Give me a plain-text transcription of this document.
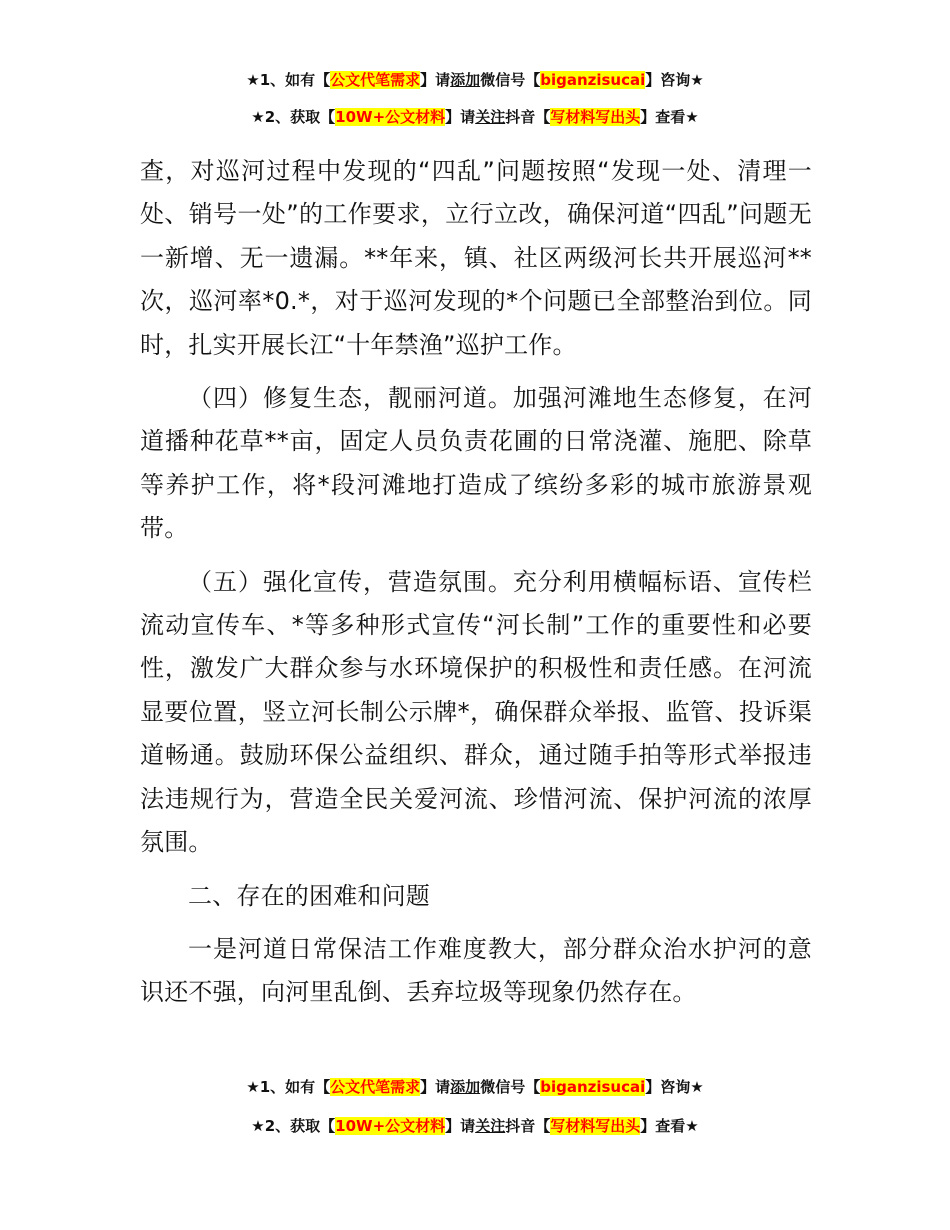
★1、如有【公文代笔需求】请添加微信号【biganzisucai】咨询★
★2、获取【10W+公文材料】请关注抖音【写材料写出头】查看★

查，对巡河过程中发现的“四乱”问题按照“发现一处、清理一处、销号一处”的工作要求，立行立改，确保河道“四乱”问题无一新增、无一遗漏。**年来，镇、社区两级河长共开展巡河**次，巡河率*0.*，对于巡河发现的*个问题已全部整治到位。同时，扎实开展长江“十年禁渔”巡护工作。

（四）修复生态，靓丽河道。加强河滩地生态修复，在河道播种花草**亩，固定人员负责花圃的日常浇灌、施肥、除草等养护工作，将*段河滩地打造成了缤纷多彩的城市旅游景观带。

（五）强化宣传，营造氛围。充分利用横幅标语、宣传栏流动宣传车、*等多种形式宣传“河长制”工作的重要性和必要性，激发广大群众参与水环境保护的积极性和责任感。在河流显要位置，竖立河长制公示牌*，确保群众举报、监管、投诉渠道畅通。鼓励环保公益组织、群众，通过随手拍等形式举报违法违规行为，营造全民关爱河流、珍惜河流、保护河流的浓厚氛围。

二、存在的困难和问题

一是河道日常保洁工作难度教大，部分群众治水护河的意识还不强，向河里乱倒、丢弃垃圾等现象仍然存在。

★1、如有【公文代笔需求】请添加微信号【biganzisucai】咨询★
★2、获取【10W+公文材料】请关注抖音【写材料写出头】查看★
